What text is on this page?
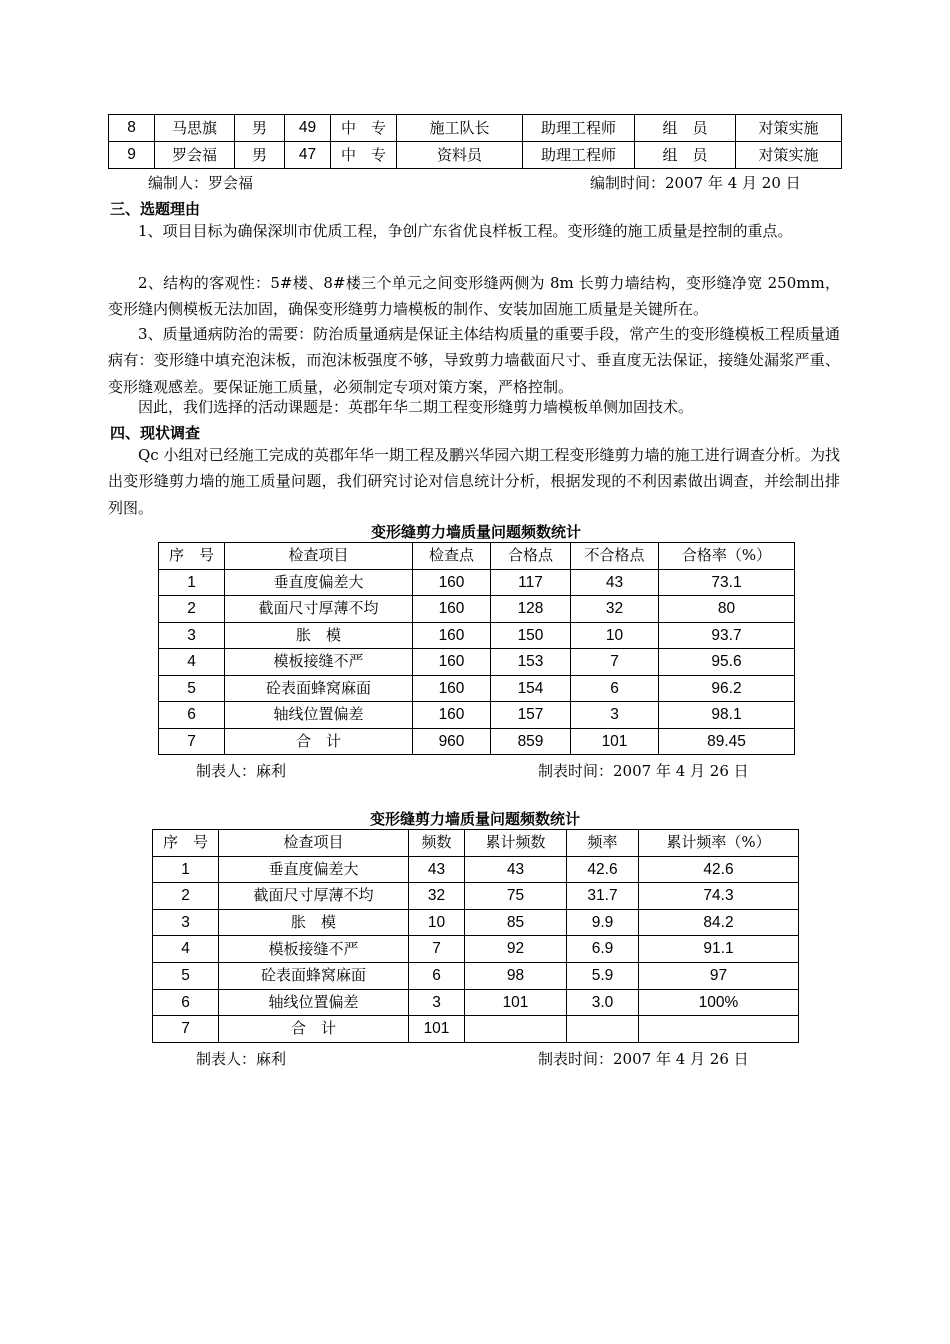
8	马思旗	男	49	中　专	施工队长	助理工程师	组　员	对策实施
9	罗会福	男	47	中　专	资料员	助理工程师	组　员	对策实施
编制人：罗会福	编制时间：2007 年 4 月 20 日
三、选题理由
1、项目目标为确保深圳市优质工程，争创广东省优良样板工程。变形缝的施工质量是控制的重点。
2、结构的客观性：5#楼、8#楼三个单元之间变形缝两侧为 8m 长剪力墙结构，变形缝净宽 250mm，变形缝内侧模板无法加固，确保变形缝剪力墙模板的制作、安装加固施工质量是关键所在。
3、质量通病防治的需要：防治质量通病是保证主体结构质量的重要手段，常产生的变形缝模板工程质量通病有：变形缝中填充泡沫板，而泡沫板强度不够，导致剪力墙截面尺寸、垂直度无法保证，接缝处漏浆严重、变形缝观感差。要保证施工质量，必须制定专项对策方案，严格控制。
因此，我们选择的活动课题是：英郡年华二期工程变形缝剪力墙模板单侧加固技术。
四、现状调查
Qc 小组对已经施工完成的英郡年华一期工程及鹏兴华园六期工程变形缝剪力墙的施工进行调查分析。为找出变形缝剪力墙的施工质量问题，我们研究讨论对信息统计分析，根据发现的不利因素做出调查，并绘制出排列图。
变形缝剪力墙质量问题频数统计
序　号	检查项目	检查点	合格点	不合格点	合格率（%）
1	垂直度偏差大	160	117	43	73.1
2	截面尺寸厚薄不均	160	128	32	80
3	胀　模	160	150	10	93.7
4	模板接缝不严	160	153	7	95.6
5	砼表面蜂窝麻面	160	154	6	96.2
6	轴线位置偏差	160	157	3	98.1
7	合　计	960	859	101	89.45
制表人：麻利	制表时间：2007 年 4 月 26 日
变形缝剪力墙质量问题频数统计
序　号	检查项目	频数	累计频数	频率	累计频率（%）
1	垂直度偏差大	43	43	42.6	42.6
2	截面尺寸厚薄不均	32	75	31.7	74.3
3	胀　模	10	85	9.9	84.2
4	模板接缝不严	7	92	6.9	91.1
5	砼表面蜂窝麻面	6	98	5.9	97
6	轴线位置偏差	3	101	3.0	100%
7	合　计	101			
制表人：麻利	制表时间：2007 年 4 月 26 日
